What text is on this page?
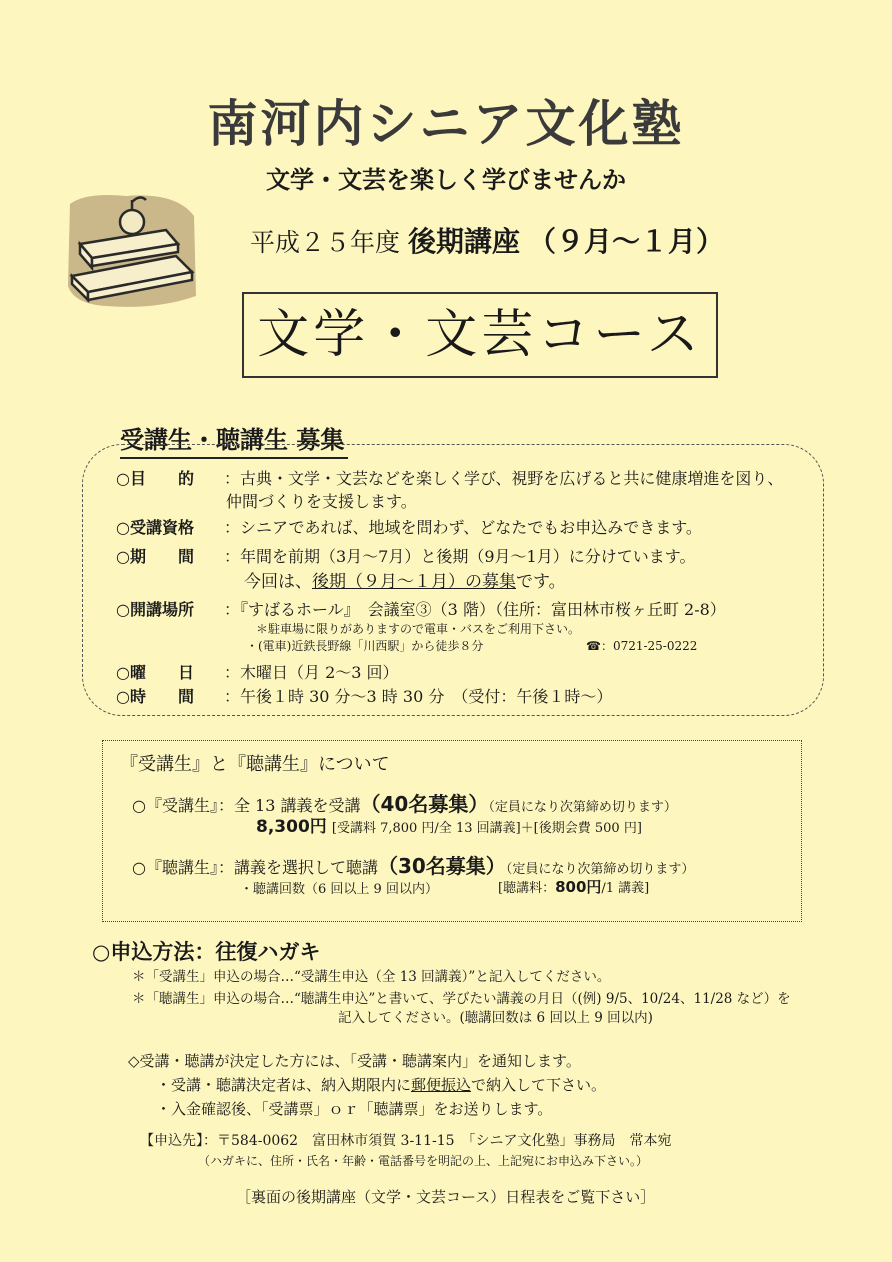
南河内シニア文化塾
文学・文芸を楽しく学びませんか
平成２５年度 後期講座 （９月～１月）
文学・文芸コース
受講生・聴講生 募集
○目　　的 ：古典・文学・文芸などを楽しく学び、視野を広げると共に健康増進を図り、
仲間づくりを支援します。
○受講資格 ：シニアであれば、地域を問わず、どなたでもお申込みできます。
○期　　間 ：年間を前期（3月～7月）と後期（9月～1月）に分けています。
今回は、後期（９月～１月）の募集です。
○開講場所 ：『すばるホール』　会議室③（3 階）（住所：富田林市桜ヶ丘町 2-8）
＊駐車場に限りがありますので電車・バスをご利用下さい。
・(電車)近鉄長野線「川西駅」から徒歩８分	☎：0721-25-0222
○曜　　日 ：木曜日（月 2～3 回）
○時　　間 ：午後１時 30 分～3 時 30 分　（受付：午後１時～）
『受講生』と『聴講生』について
○『受講生』：全 13 講義を受講（40名募集）（定員になり次第締め切ります）
8,300円 [受講料 7,800 円/全 13 回講義]＋[後期会費 500 円]
○『聴講生』：講義を選択して聴講（30名募集）（定員になり次第締め切ります）
・聴講回数（6 回以上 9 回以内）	[聴講料：800円/1 講義]
○申込方法：往復ハガキ
＊「受講生」申込の場合…“受講生申込（全 13 回講義）”と記入してください。
＊「聴講生」申込の場合…“聴講生申込”と書いて、学びたい講義の月日（(例) 9/5、10/24、11/28 など）を
記入してください。(聴講回数は 6 回以上 9 回以内)
◇受講・聴講が決定した方には、「受講・聴講案内」を通知します。
・受講・聴講決定者は、納入期限内に郵便振込で納入して下さい。
・入金確認後、「受講票」ｏｒ「聴講票」をお送りします。
【申込先】：〒584-0062　富田林市須賀 3-11-15　「シニア文化塾」事務局　常本宛
（ハガキに、住所・氏名・年齢・電話番号を明記の上、上記宛にお申込み下さい。）
［裏面の後期講座（文学・文芸コース）日程表をご覧下さい］
